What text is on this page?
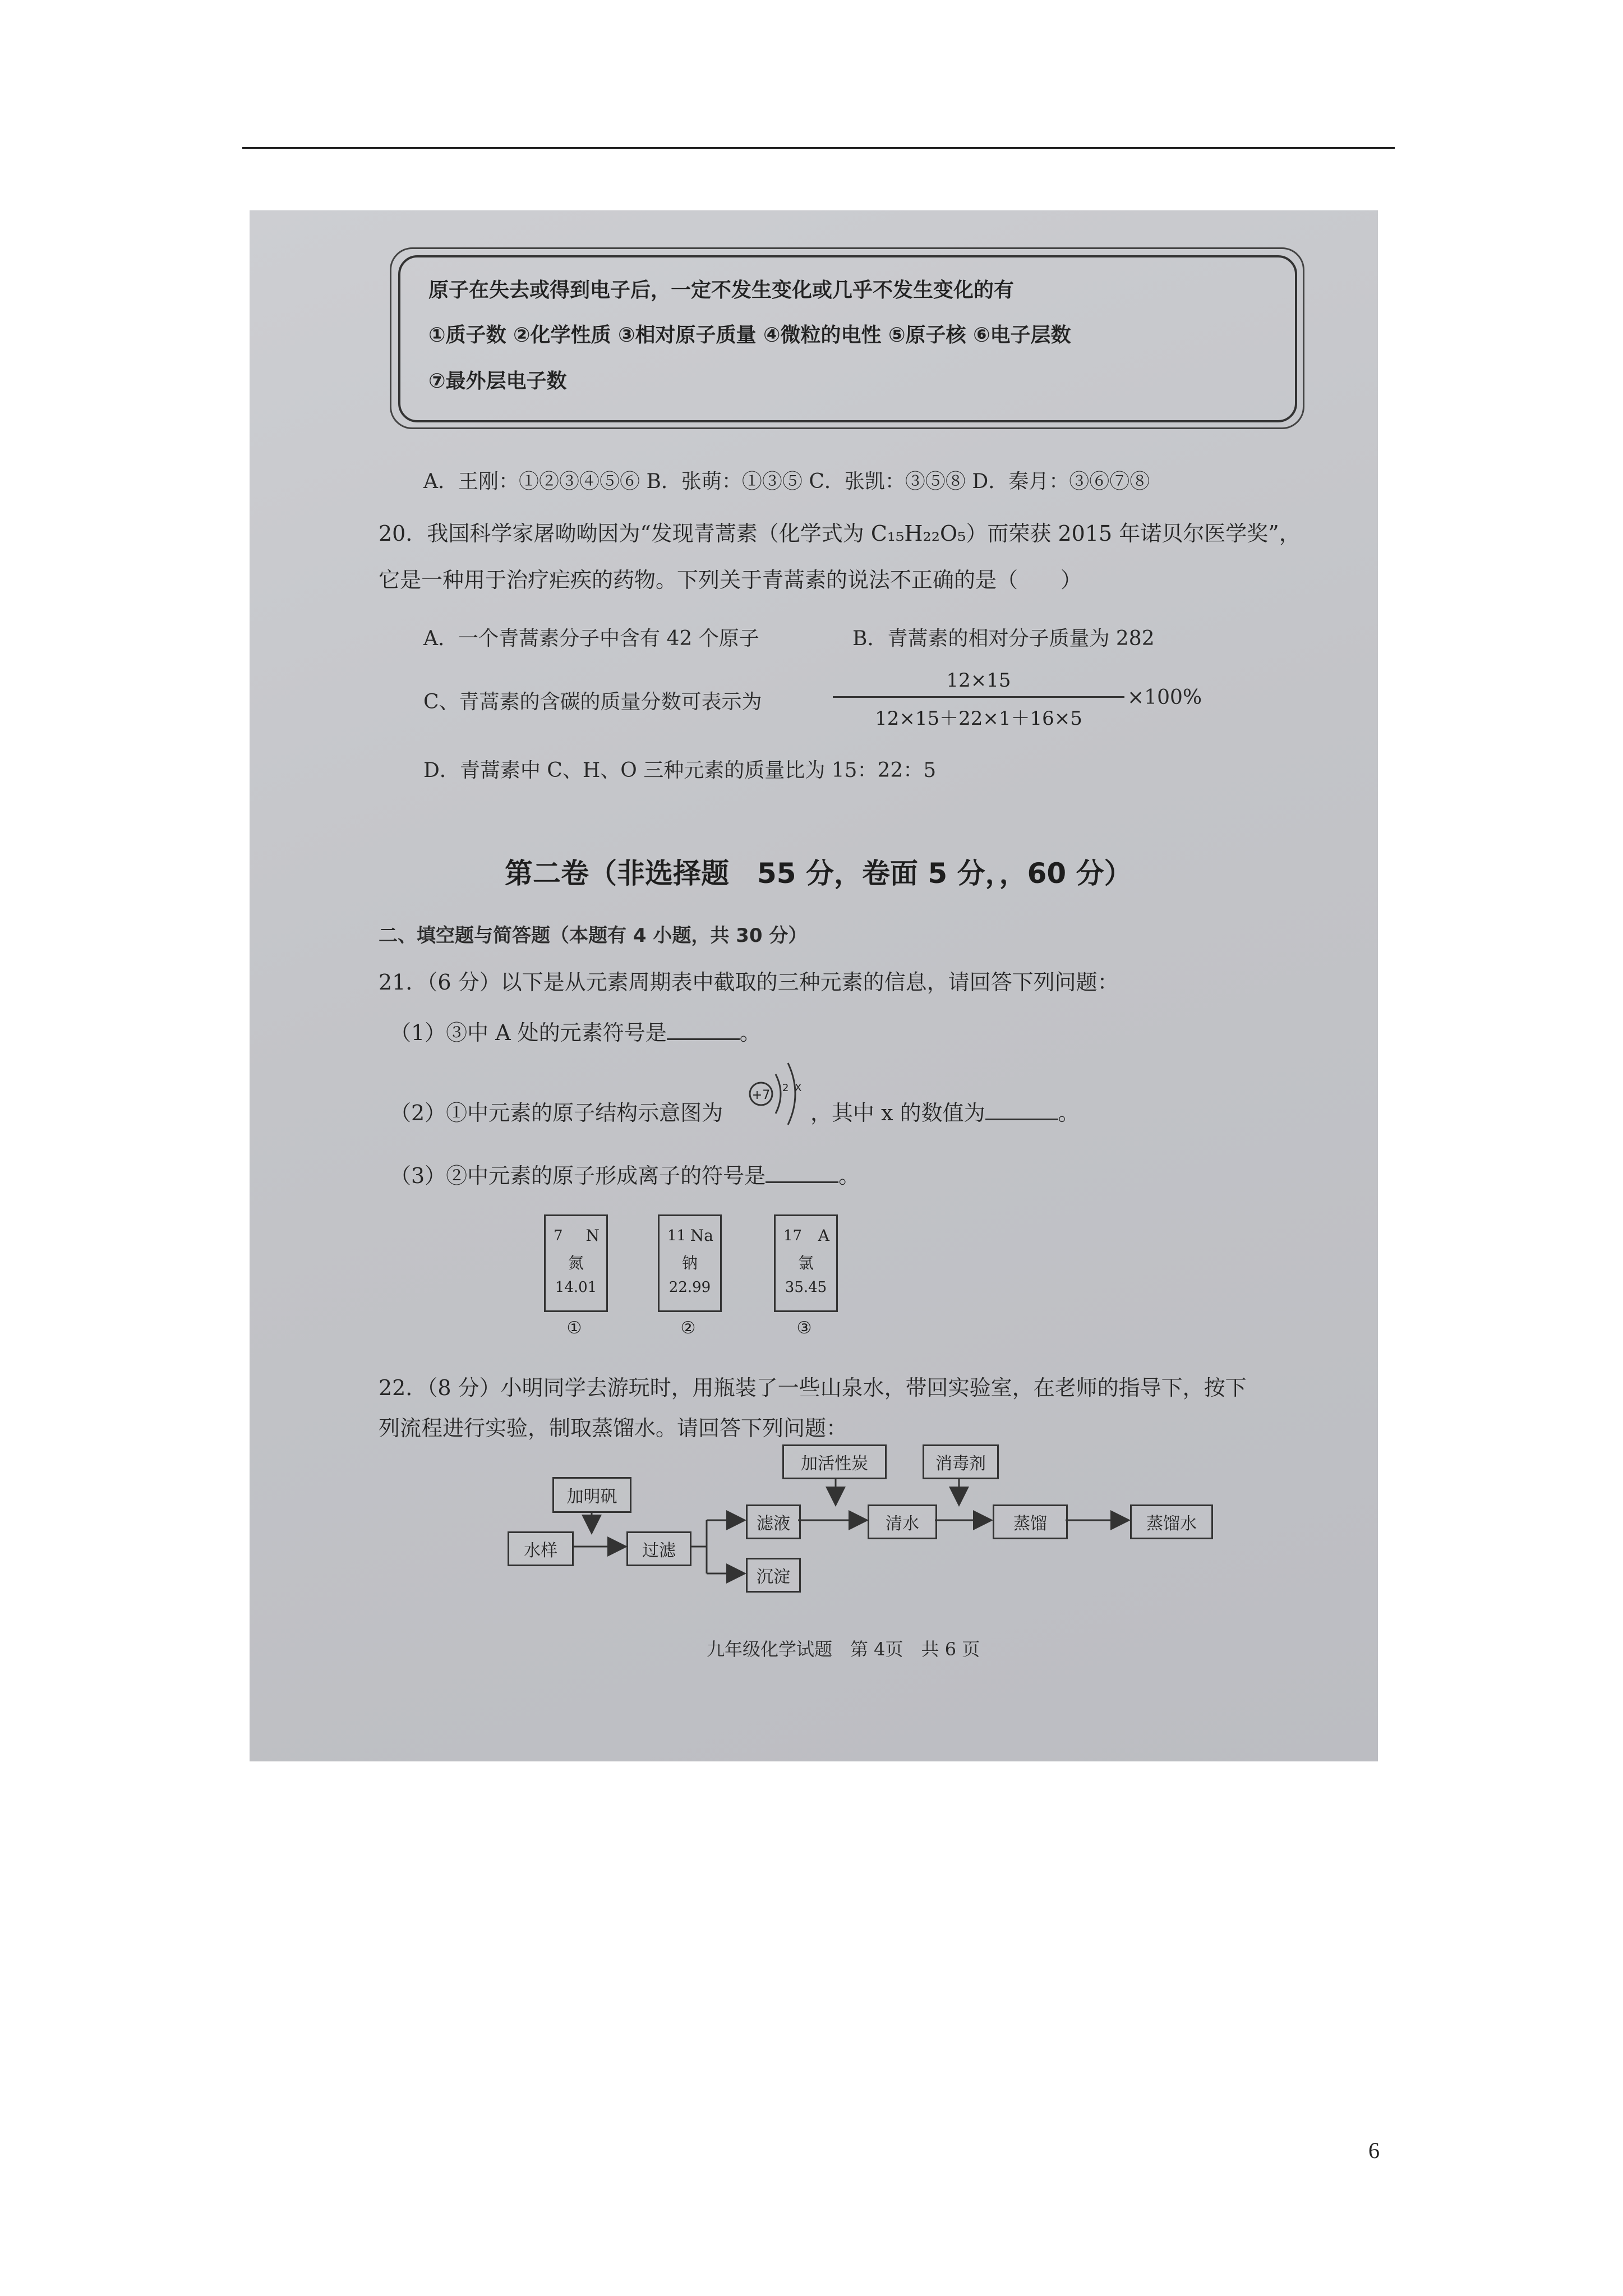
原子在失去或得到电子后，一定不发生变化或几乎不发生变化的有
①质子数 ②化学性质 ③相对原子质量 ④微粒的电性 ⑤原子核 ⑥电子层数
⑦最外层电子数
A．王刚：①②③④⑤⑥ B．张萌：①③⑤ C．张凯：③⑤⑧ D．秦月：③⑥⑦⑧
20．我国科学家屠呦呦因为“发现青蒿素（化学式为 C₁₅H₂₂O₅）而荣获 2015 年诺贝尔医学奖”，
它是一种用于治疗疟疾的药物。下列关于青蒿素的说法不正确的是（　　）
A．一个青蒿素分子中含有 42 个原子	B．青蒿素的相对分子质量为 282
C、青蒿素的含碳的质量分数可表示为
12×15
12×15＋22×1＋16×5
×100%
D．青蒿素中 C、H、O 三种元素的质量比为 15：22：5
第二卷（非选择题　55 分，卷面 5 分，，60 分）
二、填空题与简答题（本题有 4 小题，共 30 分）
21．（6 分）以下是从元素周期表中截取的三种元素的信息，请回答下列问题：
（1）③中 A 处的元素符号是	。
（2）①中元素的原子结构示意图为
+7
2 X
，其中 x 的数值为	。
（3）②中元素的原子形成离子的符号是	。
7 N
氮
14.01
①
11 Na
钠
22.99
②
17 A
氯
35.45
③
22．（8 分）小明同学去游玩时，用瓶装了一些山泉水，带回实验室，在老师的指导下，按下
列流程进行实验，制取蒸馏水。请回答下列问题：
加明矾
水样	过滤
滤液
沉淀
加活性炭
清水
消毒剂
蒸馏	蒸馏水
九年级化学试题　第 4页　共 6 页
6
